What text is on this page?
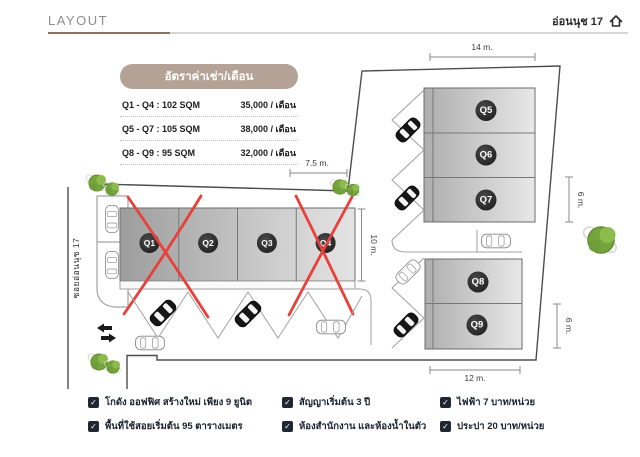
LAYOUT	อ่อนนุช 17
อัตราค่าเช่า/เดือน
Q1 - Q4 : 102 SQM	35,000 / เดือน
Q5 - Q7 : 105 SQM	38,000 / เดือน
Q8 - Q9 : 95 SQM	32,000 / เดือน
Q1	Q2	Q3	Q4
Q5
Q6
Q7
Q8
Q9
14 m.
7.5 m.
10 m.
6 m.
6 m.
12 m.
ซอยอ่อนนุช 17
✓ โกดัง ออฟฟิศ สร้างใหม่ เพียง 9 ยูนิต	✓ สัญญาเริ่มต้น 3 ปี	✓ ไฟฟ้า 7 บาท/หน่วย
✓ พื้นที่ใช้สอยเริ่มต้น 95 ตารางเมตร	✓ ห้องสำนักงาน และห้องน้ำในตัว ✓ ประปา 20 บาท/หน่วย
